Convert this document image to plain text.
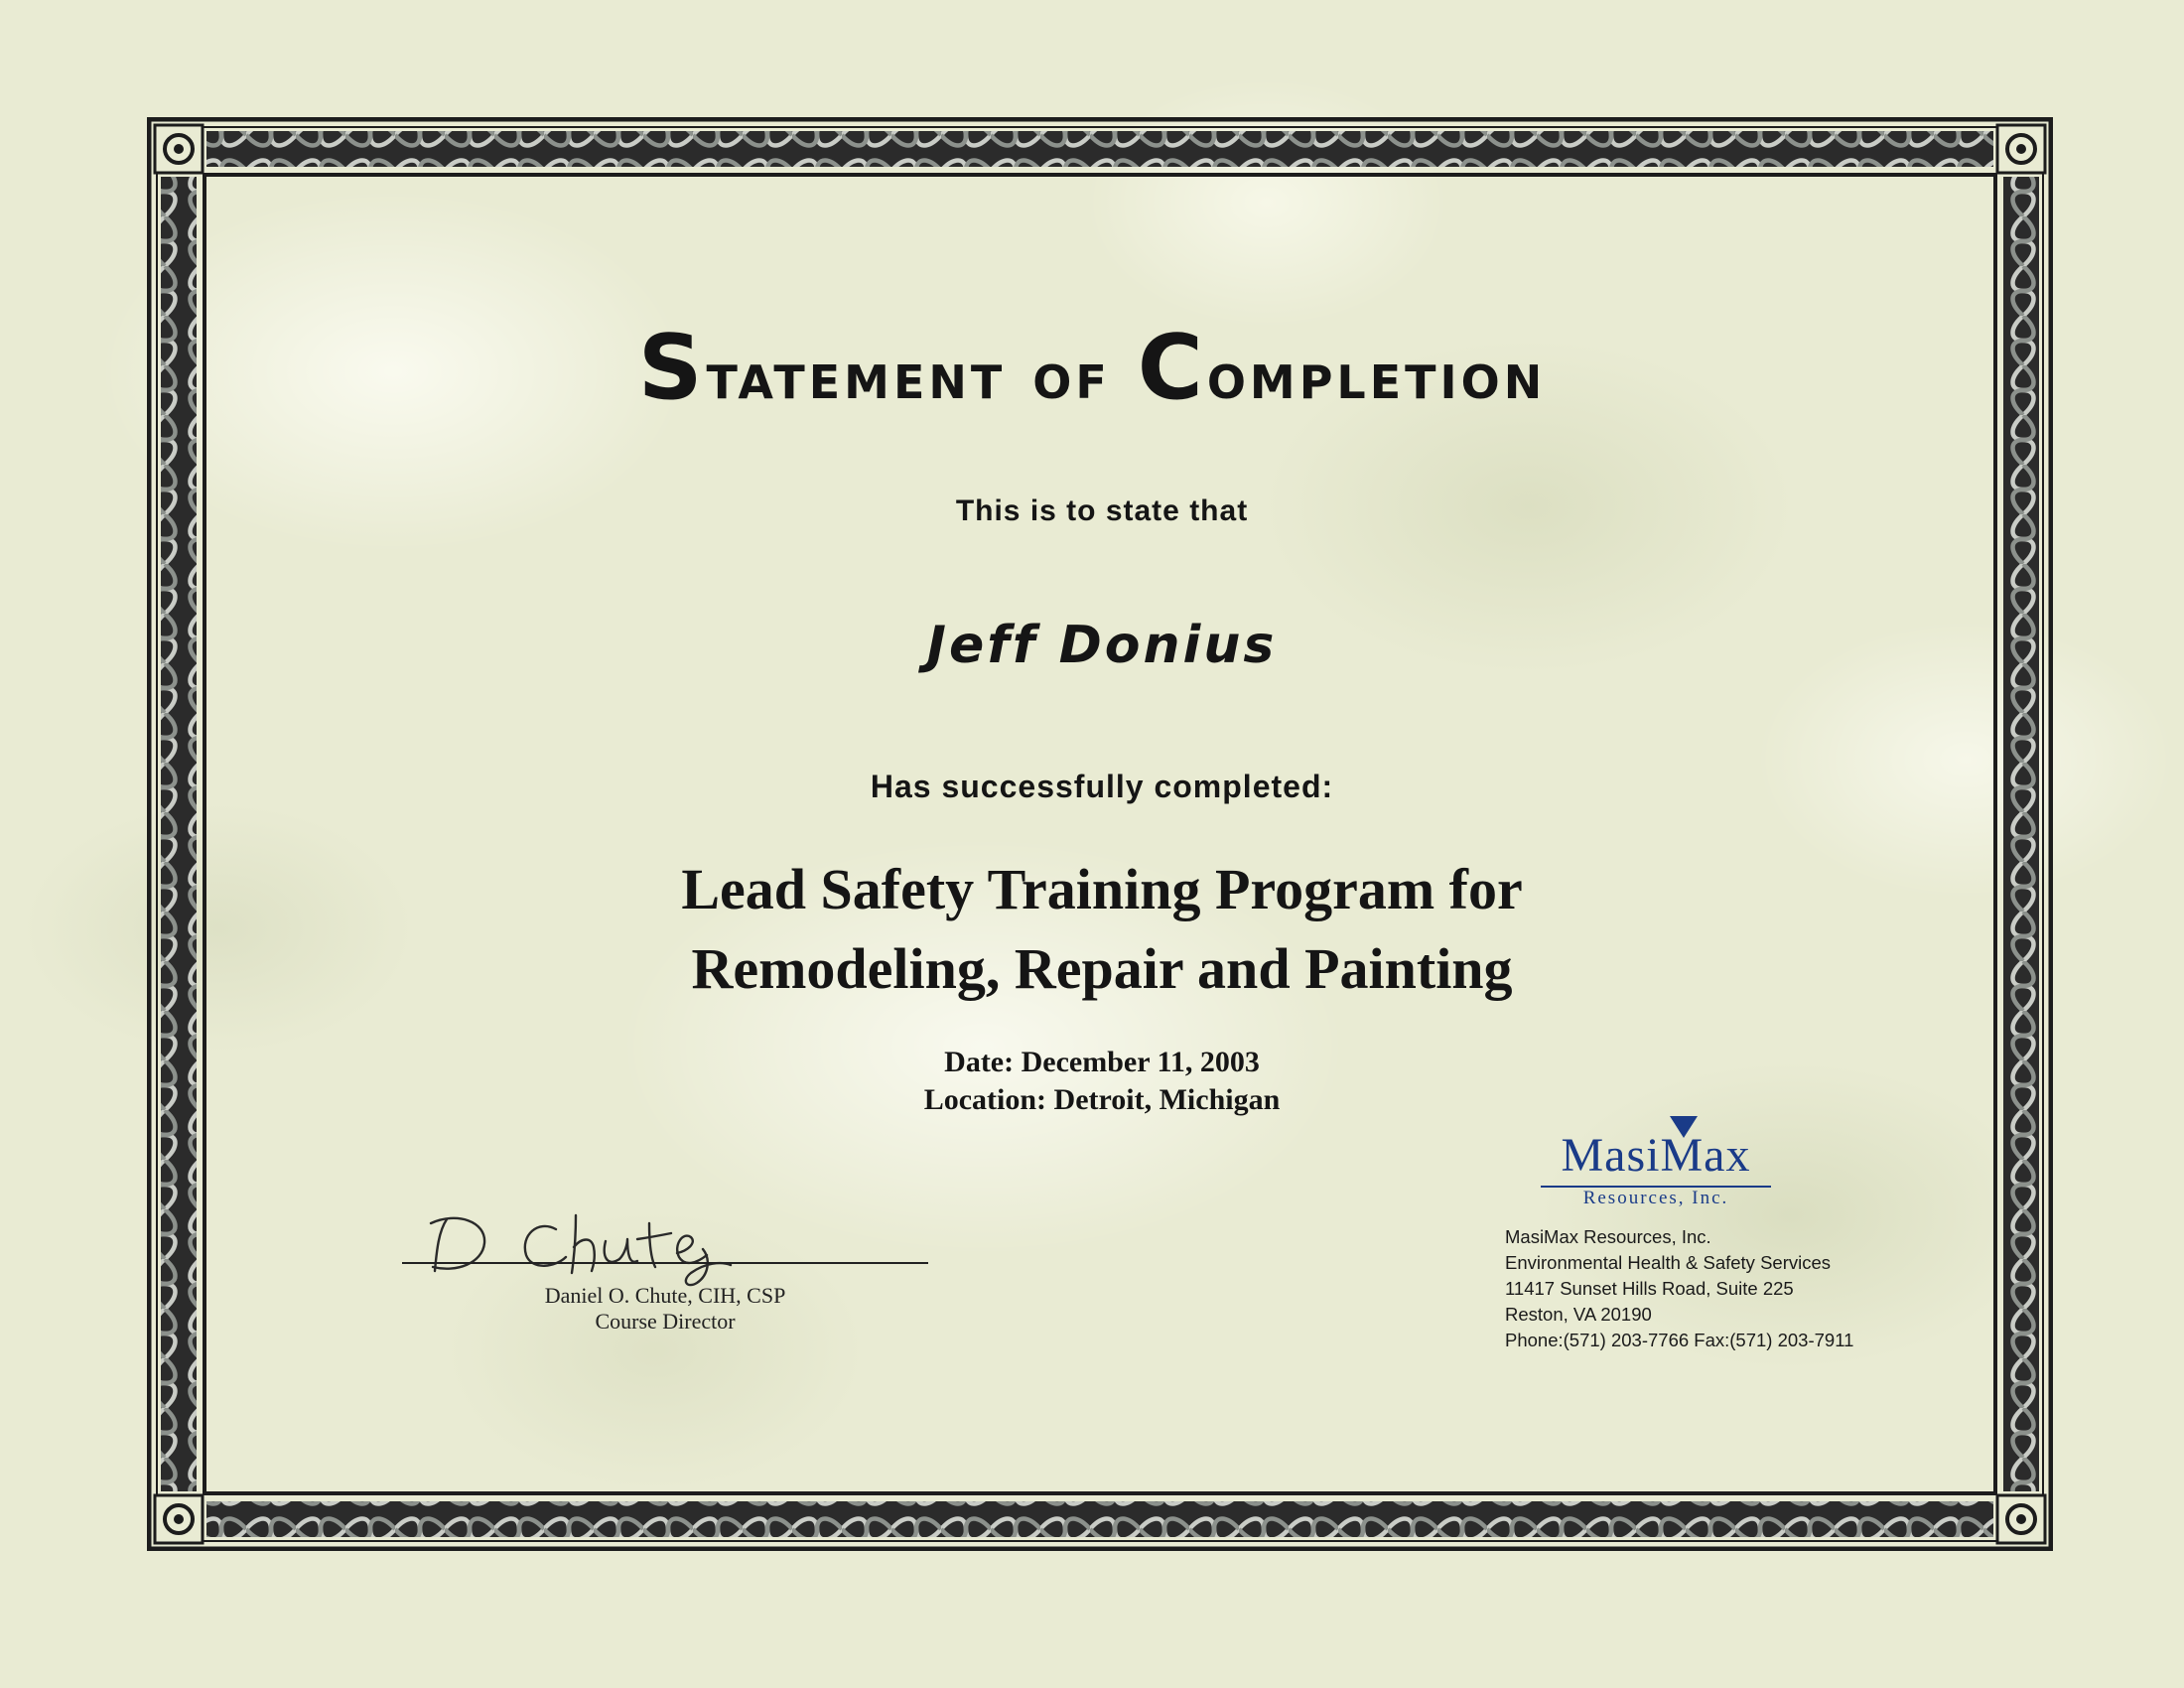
Statement of Completion

This is to state that

Jeff Donius

Has successfully completed:

Lead Safety Training Program for

Remodeling, Repair and Painting

Date: December 11, 2003

Location: Detroit, Michigan

Daniel O. Chute, CIH, CSP

Course Director

MasiMax
Resources, Inc.

MasiMax Resources, Inc.

Environmental Health & Safety Services

11417 Sunset Hills Road, Suite 225

Reston, VA 20190

Phone:(571) 203-7766 Fax:(571) 203-7911
